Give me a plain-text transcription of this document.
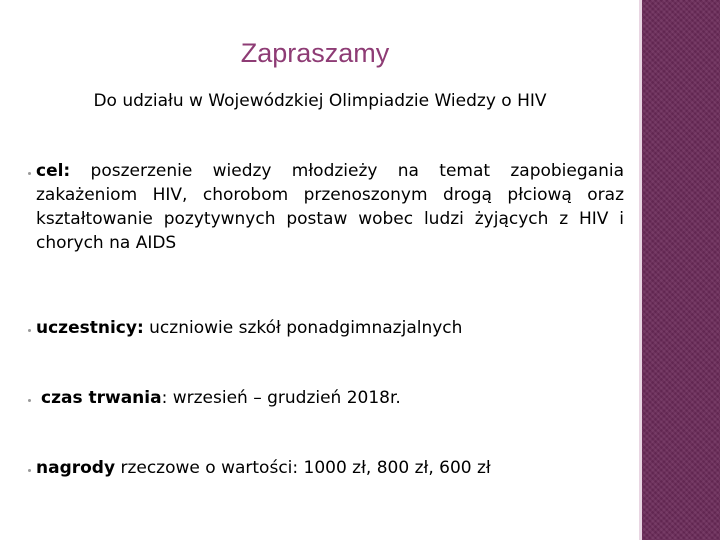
Zapraszamy
Do udziału w Wojewódzkiej Olimpiadzie Wiedzy o HIV
cel: poszerzenie wiedzy młodzieży na temat zapobiegania zakażeniom HIV, chorobom przenoszonym drogą płciową oraz kształtowanie pozytywnych postaw wobec ludzi żyjących z HIV i chorych na AIDS
uczestnicy: uczniowie szkół ponadgimnazjalnych
czas trwania: wrzesień – grudzień 2018r.
nagrody rzeczowe o wartości: 1000 zł, 800 zł, 600 zł
